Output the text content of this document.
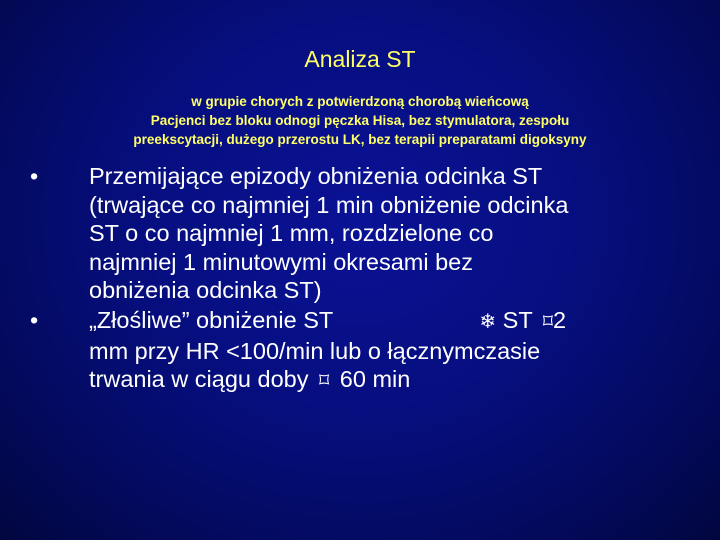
Analiza ST
w grupie chorych z potwierdzoną chorobą wieńcową
Pacjenci bez bloku odnogi pęczka Hisa, bez stymulatora, zespołu
preekscytacji, dużego przerostu LK, bez terapii preparatami digoksyny
•	Przemijające epizody obniżenia odcinka ST
(trwające co najmniej 1 min obniżenie odcinka
ST o co najmniej 1 mm, rozdzielone co
najmniej 1 minutowymi okresami bez
obniżenia odcinka ST)
•	„Złośliwe” obniżenie ST	❄ ST ⌑2
mm przy HR <100/min lub o łącznymczasie
trwania w ciągu doby ⌑ 60 min
